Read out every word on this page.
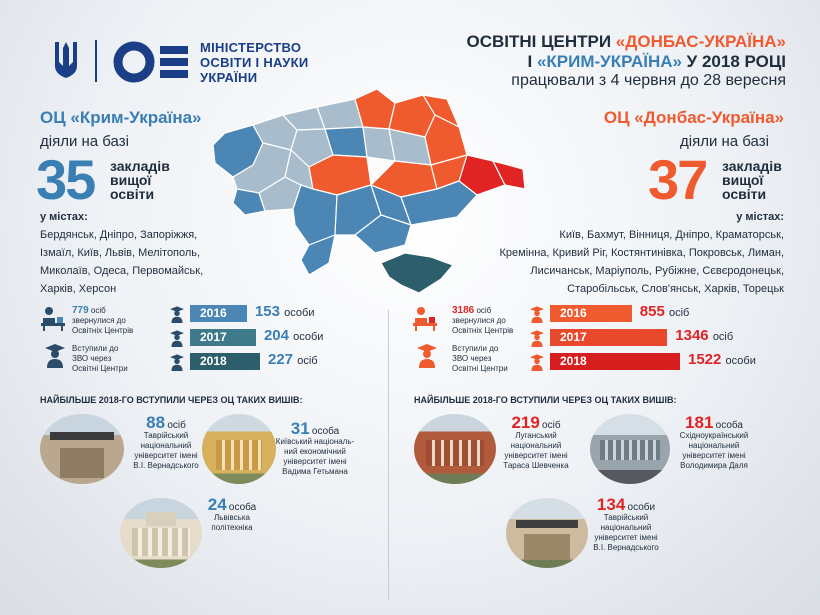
МІНІСТЕРСТВО
ОСВІТИ І НАУКИ
УКРАЇНИ
ОСВІТНІ ЦЕНТРИ «ДОНБАС-УКРАЇНА»
І «КРИМ-УКРАЇНА» У 2018 РОЦІ
працювали з 4 червня до 28 вересня
ОЦ «Крим-Україна»
діяли на базі
35 закладів
вищої
освіти
у містах:
Бердянськ, Дніпро, Запоріжжя,
Ізмаїл, Київ, Львів, Мелітополь,
Миколаїв, Одеса, Первомайськ,
Харків, Херсон
779 осіб
звернулися до
Освітніх Центрів
Вступили до
ЗВО через
Освітні Центри
2016	153 особи
2017	204 особи
2018	227 осіб
ОЦ «Донбас-Україна»
діяли на базі
37 закладів
вищої
освіти
у містах:
Київ, Бахмут, Вінниця, Дніпро, Краматорськ,
Кремінна, Кривий Ріг, Костянтинівка, Покровськ, Лиман,
Лисичанськ, Маріуполь, Рубіжне, Сєвєродонецьк,
Старобільськ, Слов'янськ, Харків, Торецьк
3186 осіб
звернулися до
Освітніх Центрів
Вступили до
ЗВО через
Освітні Центри
2016	855 осіб
2017	1346 осіб
2018	1522 особи
НАЙБІЛЬШЕ 2018-ГО ВСТУПИЛИ ЧЕРЕЗ ОЦ ТАКИХ ВИШІВ:
88 осіб
Таврійський
національний
університет імені
В.І. Вернадського
31 особа
Київський національ-
ний економічний
університет імені
Вадима Гетьмана
24 особа
Львівська
політехніка
НАЙБІЛЬШЕ 2018-ГО ВСТУПИЛИ ЧЕРЕЗ ОЦ ТАКИХ ВИШІВ:
219 осіб
Луганський
національний
університет імені
Тараса Шевченка
181 особа
Східноукраїнський
національний
університет імені
Володимира Даля
134 особи
Таврійський
національний
університет імені
В.І. Вернадського
